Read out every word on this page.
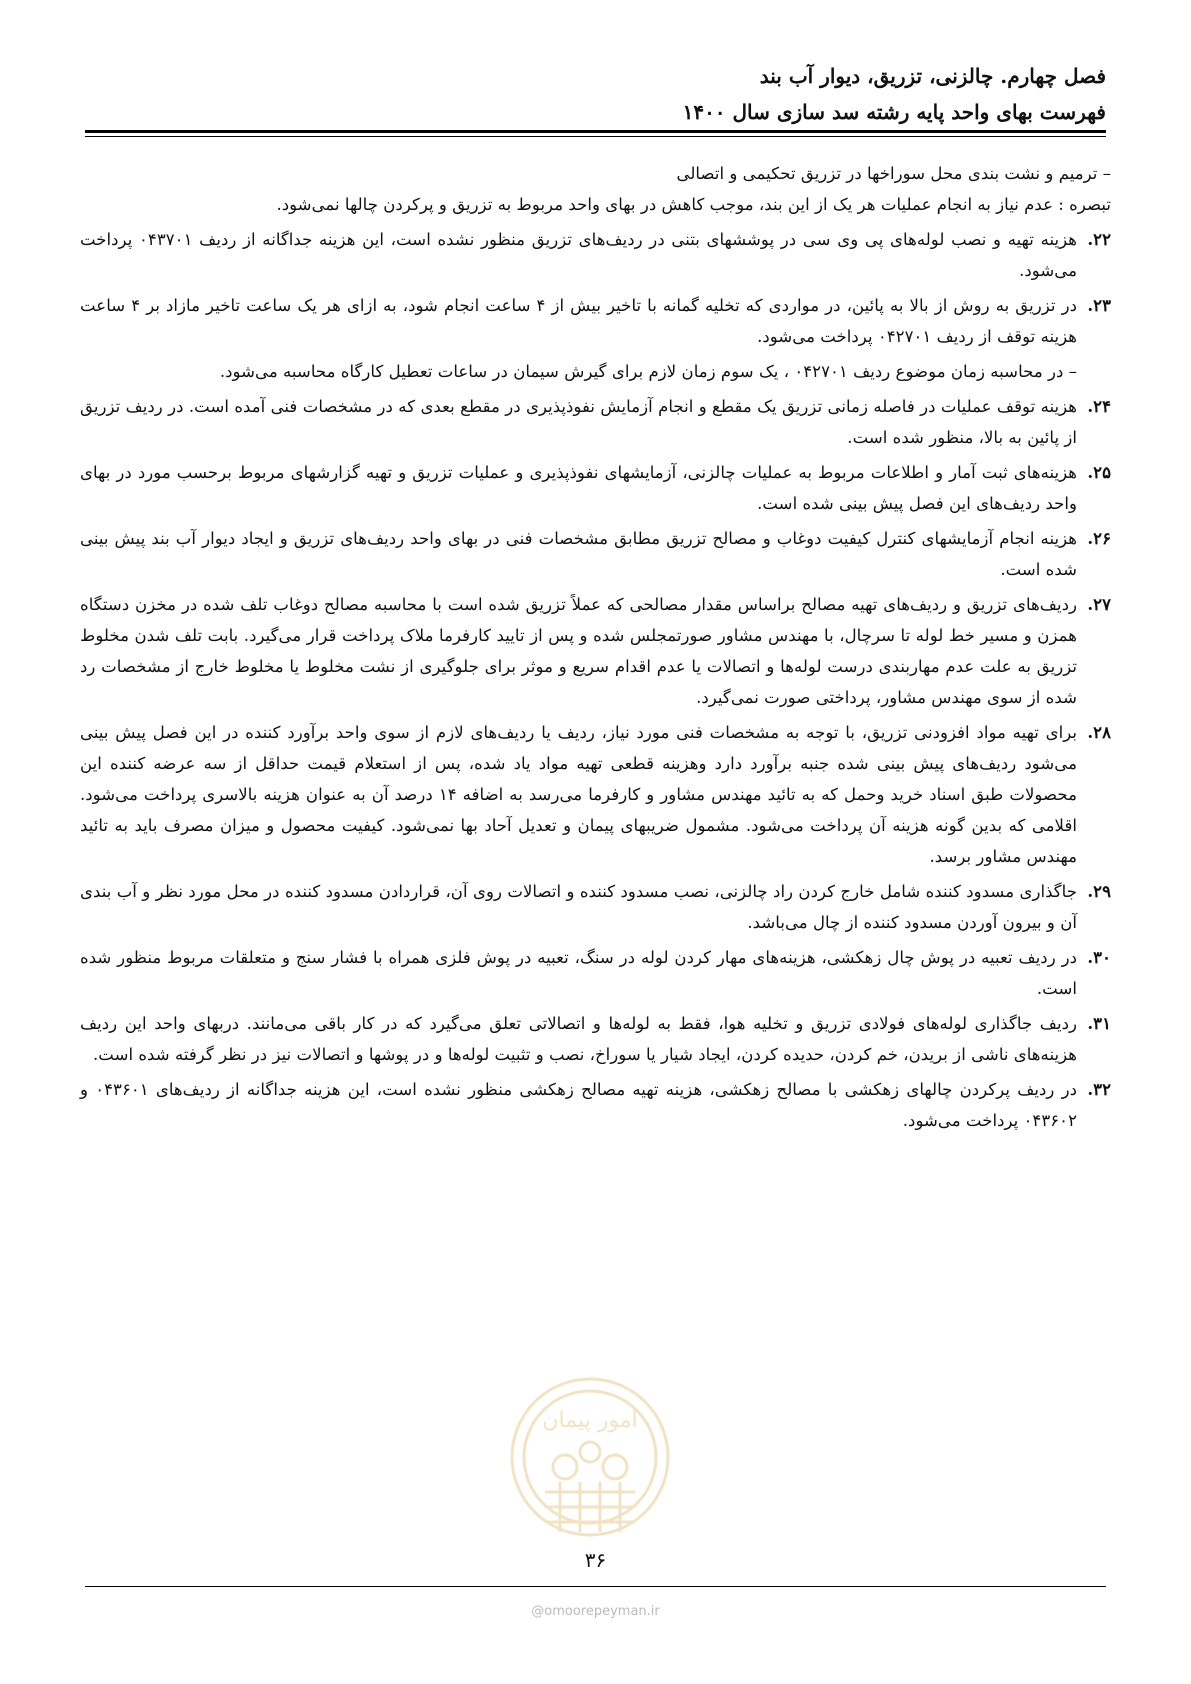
فصل چهارم. چالزنی، تزریق، دیوار آب بند
فهرست بهای واحد پایه رشته سد سازی سال ۱۴۰۰

– ترمیم و نشت بندی محل سوراخها در تزریق تحکیمی و اتصالی

تبصره : عدم نیاز به انجام عملیات هر یک از این بند، موجب کاهش در بهای واحد مربوط به تزریق و پرکردن چالها نمی‌شود.

۲۲.
هزینه تهیه و نصب لوله‌های پی وی سی در پوششهای بتنی در ردیف‌های تزریق منظور نشده است، این هزینه جداگانه از ردیف ۰۴۳۷۰۱ پرداخت می‌شود.

۲۳.
در تزریق به روش از بالا به پائین، در مواردی که تخلیه گمانه با تاخیر بیش از ۴ ساعت انجام شود، به ازای هر یک ساعت تاخیر مازاد بر ۴ ساعت هزینه توقف از ردیف ۰۴۲۷۰۱ پرداخت می‌شود.

– در محاسبه زمان موضوع ردیف ۰۴۲۷۰۱ ، یک سوم زمان لازم برای گیرش سیمان در ساعات تعطیل کارگاه محاسبه می‌شود.

۲۴.
هزینه توقف عملیات در فاصله زمانی تزریق یک مقطع و انجام آزمایش نفوذپذیری در مقطع بعدی که در مشخصات فنی آمده است. در ردیف تزریق از پائین به بالا، منظور شده است.

۲۵.
هزینه‌های ثبت آمار و اطلاعات مربوط به عملیات چالزنی، آزمایشهای نفوذپذیری و عملیات تزریق و تهیه گزارشهای مربوط برحسب مورد در بهای واحد ردیف‌های این فصل پیش بینی شده است.

۲۶.
هزینه انجام آزمایشهای کنترل کیفیت دوغاب و مصالح تزریق مطابق مشخصات فنی در بهای واحد ردیف‌های تزریق و ایجاد دیوار آب بند پیش بینی شده است.

۲۷.
ردیف‌های تزریق و ردیف‌های تهیه مصالح براساس مقدار مصالحی که عملاً تزریق شده است با محاسبه مصالح دوغاب تلف شده در مخزن دستگاه همزن و مسیر خط لوله تا سرچال، با مهندس مشاور صورتمجلس شده و پس از تایید کارفرما ملاک پرداخت قرار می‌گیرد. بابت تلف شدن مخلوط تزریق به علت عدم مهاربندی درست لوله‌ها و اتصالات یا عدم اقدام سریع و موثر برای جلوگیری از نشت مخلوط یا مخلوط خارج از مشخصات رد شده از سوی مهندس مشاور، پرداختی صورت نمی‌گیرد.

۲۸.
برای تهیه مواد افزودنی تزریق، با توجه به مشخصات فنی مورد نیاز، ردیف یا ردیف‌های لازم از سوی واحد برآورد کننده در این فصل پیش بینی می‌شود ردیف‌های پیش بینی شده جنبه برآورد دارد وهزینه قطعی تهیه مواد یاد شده، پس از استعلام قیمت حداقل از سه عرضه کننده این محصولات طبق اسناد خرید وحمل که به تائید مهندس مشاور و کارفرما می‌رسد به اضافه ۱۴ درصد آن به عنوان هزینه بالاسری پرداخت می‌شود. اقلامی که بدین گونه هزینه آن پرداخت می‌شود. مشمول ضریبهای پیمان و تعدیل آحاد بها نمی‌شود. کیفیت محصول و میزان مصرف باید به تائید مهندس مشاور برسد.

۲۹.
جاگذاری مسدود کننده شامل خارج کردن راد چالزنی، نصب مسدود کننده و اتصالات روی آن، قراردادن مسدود کننده در محل مورد نظر و آب بندی آن و بیرون آوردن مسدود کننده از چال می‌باشد.

۳۰.
در ردیف تعبیه در پوش چال زهکشی، هزینه‌های مهار کردن لوله در سنگ، تعبیه در پوش فلزی همراه با فشار سنج و متعلقات مربوط منظور شده است.

۳۱.
ردیف جاگذاری لوله‌های فولادی تزریق و تخلیه هوا، فقط به لوله‌ها و اتصالاتی تعلق می‌گیرد که در کار باقی می‌مانند. دربهای واحد این ردیف هزینه‌های ناشی از بریدن، خم کردن، حدیده کردن، ایجاد شیار یا سوراخ، نصب و تثبیت لوله‌ها و در پوشها و اتصالات نیز در نظر گرفته شده است.

۳۲.
در ردیف پرکردن چالهای زهکشی با مصالح زهکشی، هزینه تهیه مصالح زهکشی منظور نشده است، این هزینه جداگانه از ردیف‌های ۰۴۳۶۰۱ و ۰۴۳۶۰۲ پرداخت می‌شود.

امور پیمان
۳۶
@omoorepeyman.ir
